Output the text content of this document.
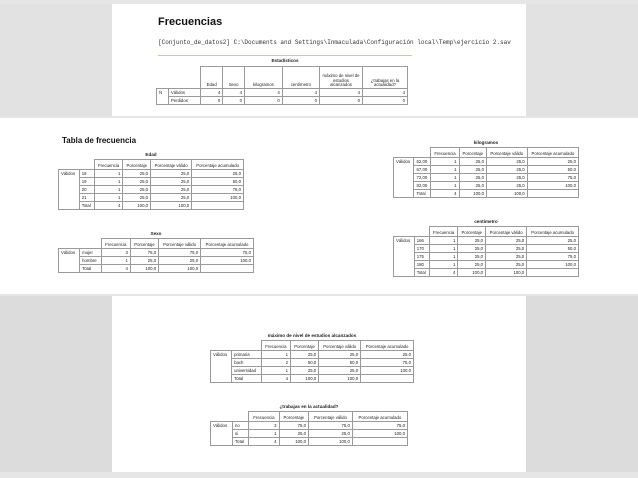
Frecuencias
[Conjunto_de_datos2] C:\Documents and Settings\Inmaculada\Configuración local\Temp\ejercicio 2.sav
Estadísticos
		Edad	Sexo	kilogramos	centímetro	máximo de nivel de estudios alcanzados	¿trabajas en la actualidad?
N	Válidos	4	4	4	4	4	4
	Perdidos	0	0	0	0	0	0
Tabla de frecuencia
Edad
		Frecuencia	Porcentaje	Porcentaje válido	Porcentaje acumulado
Válidos	18	1	25,0	25,0	25,0
	19	1	25,0	25,0	50,0
	20	1	25,0	25,0	75,0
	21	1	25,0	25,0	100,0
	Total	4	100,0	100,0	
Sexo
		Frecuencia	Porcentaje	Porcentaje válido	Porcentaje acumulado
Válidos	mujer	3	75,0	75,0	75,0
	hombre	1	25,0	25,0	100,0
	Total	4	100,0	100,0	
kilogramos
		Frecuencia	Porcentaje	Porcentaje válido	Porcentaje acumulado
Válidos	62,00	1	25,0	25,0	25,0
	67,00	1	25,0	25,0	50,0
	72,00	1	25,0	25,0	75,0
	82,00	1	25,0	25,0	100,0
	Total	4	100,0	100,0	
centímetro
		Frecuencia	Porcentaje	Porcentaje válido	Porcentaje acumulado
Válidos	166	1	25,0	25,0	25,0
	170	1	25,0	25,0	50,0
	175	1	25,0	25,0	75,0
	180	1	25,0	25,0	100,0
	Total	4	100,0	100,0	
máximo de nivel de estudios alcanzados
		Frecuencia	Porcentaje	Porcentaje válido	Porcentaje acumulado
Válidos	primaria	1	25,0	25,0	25,0
	bach	2	50,0	50,0	75,0
	universidad	1	25,0	25,0	100,0
	Total	4	100,0	100,0	
¿trabajas en la actualidad?
		Frecuencia	Porcentaje	Porcentaje válido	Porcentaje acumulado
Válidos	no	3	75,0	75,0	75,0
	si	1	25,0	25,0	100,0
	Total	4	100,0	100,0	
